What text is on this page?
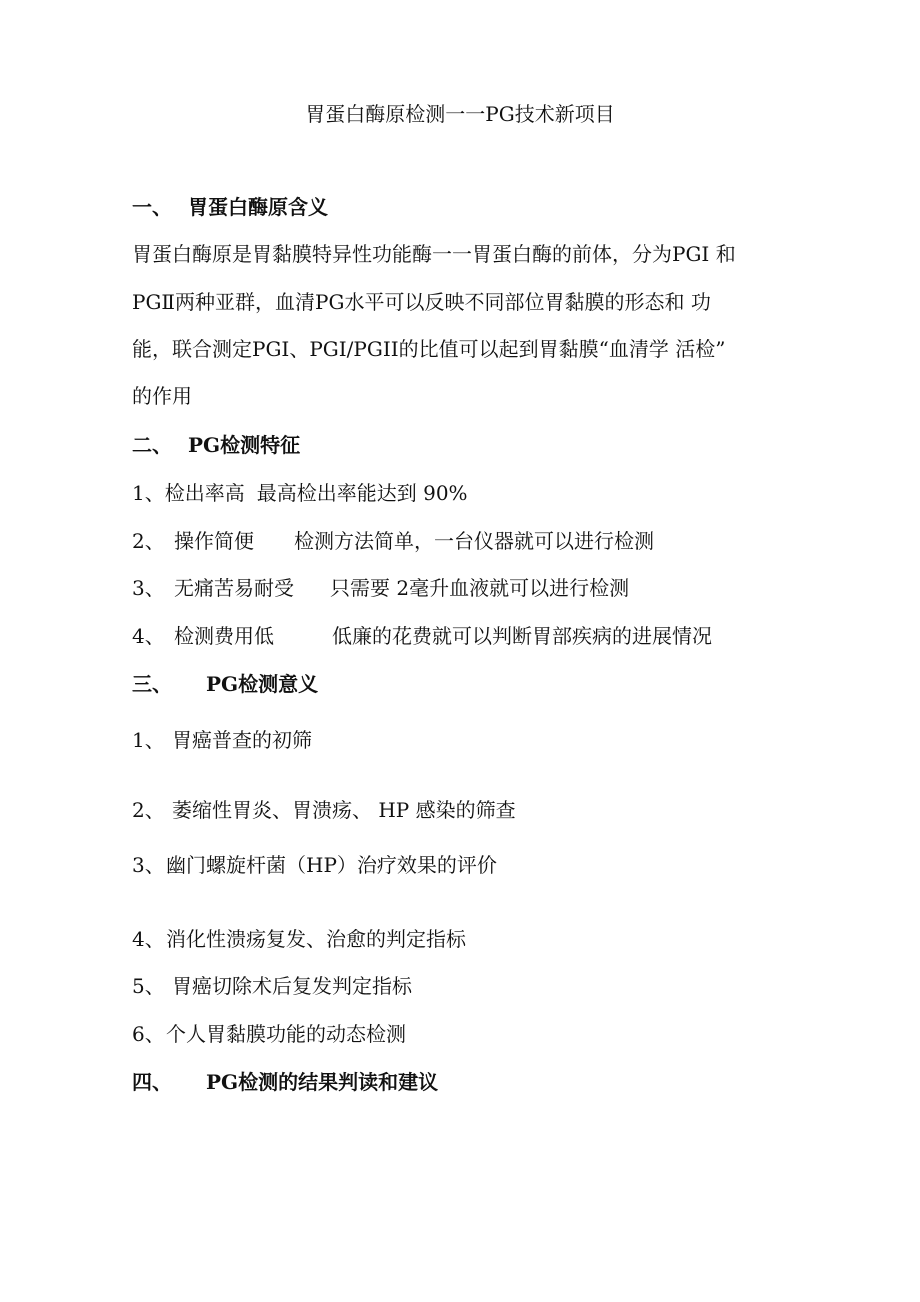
胃蛋白酶原检测一一PG技术新项目
一、 胃蛋白酶原含义
胃蛋白酶原是胃黏膜特异性功能酶一一胃蛋白酶的前体，分为PGⅠ 和
PGⅡ两种亚群，血清PG水平可以反映不同部位胃黏膜的形态和 功
能，联合测定PGI、PGI/PGII的比值可以起到胃黏膜“血清学 活检”
的作用
二、 PG检测特征
1、检出率高 最高检出率能达到 90%
2、 操作简便 检测方法简单，一台仪器就可以进行检测
3、 无痛苦易耐受 只需要 2毫升血液就可以进行检测
4、 检测费用低	低廉的花费就可以判断胃部疾病的进展情况
三、 PG检测意义
1、 胃癌普查的初筛
2、 萎缩性胃炎、胃溃疡、 HP 感染的筛查
3、幽门螺旋杆菌（HP）治疗效果的评价
4、消化性溃疡复发、治愈的判定指标
5、 胃癌切除术后复发判定指标
6、个人胃黏膜功能的动态检测
四、 PG检测的结果判读和建议
